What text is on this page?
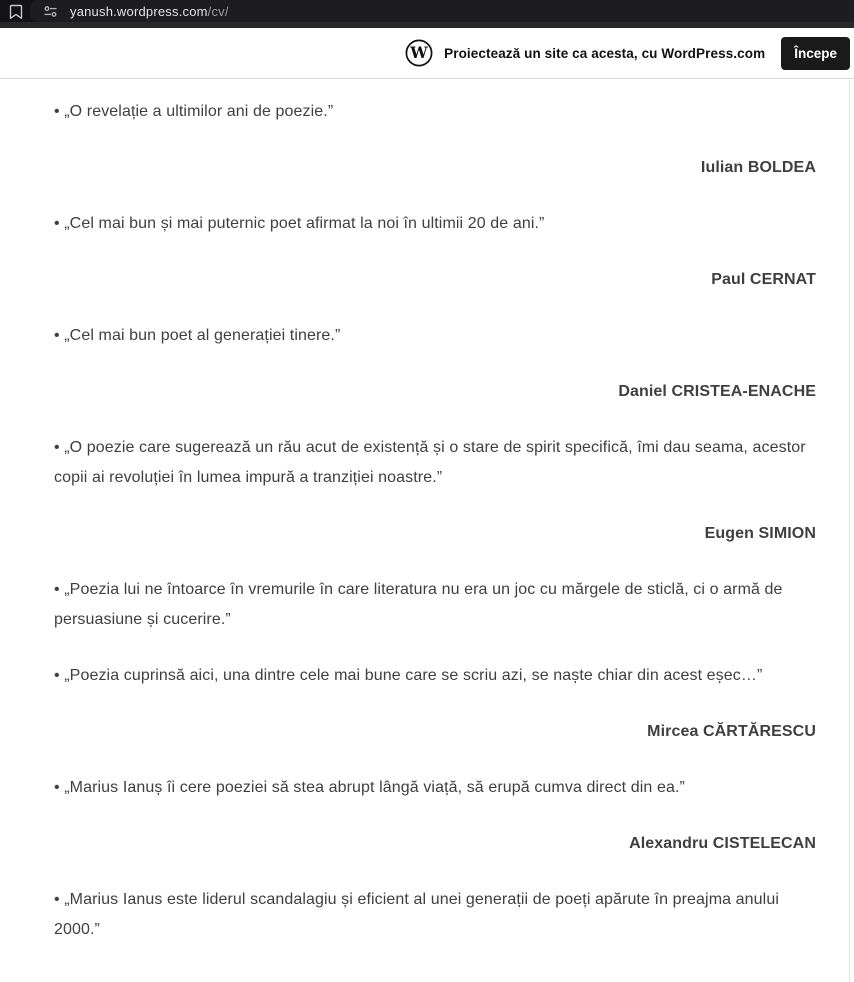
yanush.wordpress.com/cv/
W Proiectează un site ca acesta, cu WordPress.com	Începe

• „O revelație a ultimilor ani de poezie.”

Iulian BOLDEA

• „Cel mai bun și mai puternic poet afirmat la noi în ultimii 20 de ani.”

Paul CERNAT

• „Cel mai bun poet al generației tinere.”

Daniel CRISTEA-ENACHE

• „O poezie care sugerează un rău acut de existență și o stare de spirit specifică, îmi dau seama, acestor copii ai revoluției în lumea impură a tranziției noastre.”

Eugen SIMION

• „Poezia lui ne întoarce în vremurile în care literatura nu era un joc cu mărgele de sticlă, ci o armă de persuasiune și cucerire.”

• „Poezia cuprinsă aici, una dintre cele mai bune care se scriu azi, se naște chiar din acest eșec…”

Mircea CĂRTĂRESCU

• „Marius Ianuș îi cere poeziei să stea abrupt lângă viață, să erupă cumva direct din ea.”

Alexandru CISTELECAN

• „Marius Ianus este liderul scandalagiu și eficient al unei generații de poeți apărute în preajma anului 2000.”
